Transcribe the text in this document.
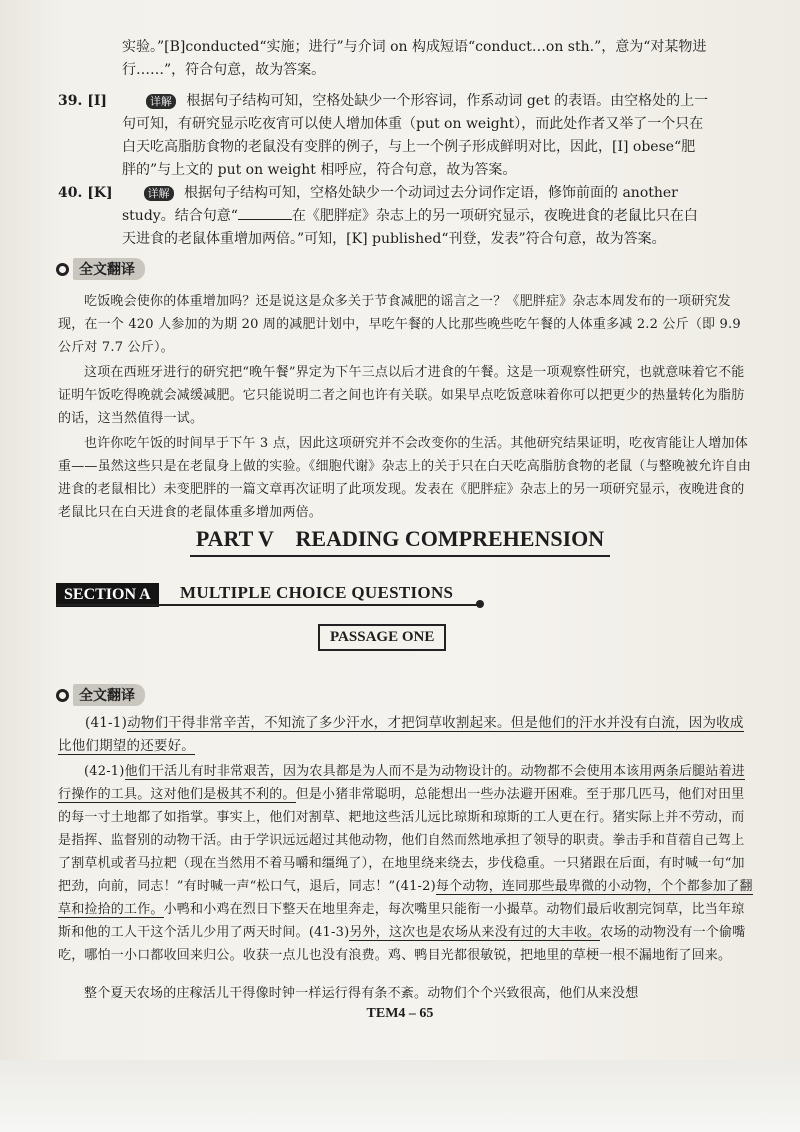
实验。”[B]conducted“实施；进行”与介词 on 构成短语“conduct…on sth.”，意为“对某物进
行……”，符合句意，故为答案。
39. [I]	详解 根据句子结构可知，空格处缺少一个形容词，作系动词 get 的表语。由空格处的上一
句可知，有研究显示吃夜宵可以使人增加体重（put on weight），而此处作者又举了一个只在
白天吃高脂肪食物的老鼠没有变胖的例子，与上一个例子形成鲜明对比，因此，[I] obese“肥
胖的”与上文的 put on weight 相呼应，符合句意，故为答案。
40. [K]	详解 根据句子结构可知，空格处缺少一个动词过去分词作定语，修饰前面的 another
study。结合句意“	在《肥胖症》杂志上的另一项研究显示，夜晚进食的老鼠比只在白
天进食的老鼠体重增加两倍。”可知，[K] published“刊登，发表”符合句意，故为答案。
全文翻译
吃饭晚会使你的体重增加吗？还是说这是众多关于节食减肥的谣言之一？《肥胖症》杂志本周发布的一项研究发现，在一个 420 人参加的为期 20 周的减肥计划中，早吃午餐的人比那些晚些吃午餐的人体重多减 2.2 公斤（即 9.9 公斤对 7.7 公斤）。
这项在西班牙进行的研究把“晚午餐”界定为下午三点以后才进食的午餐。这是一项观察性研究，也就意味着它不能证明午饭吃得晚就会减缓减肥。它只能说明二者之间也许有关联。如果早点吃饭意味着你可以把更少的热量转化为脂肪的话，这当然值得一试。
也许你吃午饭的时间早于下午 3 点，因此这项研究并不会改变你的生活。其他研究结果证明，吃夜宵能让人增加体重——虽然这些只是在老鼠身上做的实验。《细胞代谢》杂志上的关于只在白天吃高脂肪食物的老鼠（与整晚被允许自由进食的老鼠相比）未变肥胖的一篇文章再次证明了此项发现。发表在《肥胖症》杂志上的另一项研究显示，夜晚进食的老鼠比只在白天进食的老鼠体重多增加两倍。
PART V    READING COMPREHENSION
SECTION A	MULTIPLE CHOICE QUESTIONS
PASSAGE ONE
全文翻译
(41-1)动物们干得非常辛苦，不知流了多少汗水，才把饲草收割起来。但是他们的汗水并没有白流，因为收成比他们期望的还要好。
(42-1)他们干活儿有时非常艰苦，因为农具都是为人而不是为动物设计的。动物都不会使用本该用两条后腿站着进行操作的工具。这对他们是极其不利的。但是小猪非常聪明，总能想出一些办法避开困难。至于那几匹马，他们对田里的每一寸土地都了如指掌。事实上，他们对割草、耙地这些活儿远比琼斯和琼斯的工人更在行。猪实际上并不劳动，而是指挥、监督别的动物干活。由于学识远远超过其他动物，他们自然而然地承担了领导的职责。拳击手和苜蓿自己驾上了割草机或者马拉耙（现在当然用不着马嚼和缰绳了），在地里绕来绕去，步伐稳重。一只猪跟在后面，有时喊一句“加把劲，向前，同志！”有时喊一声“松口气，退后，同志！”(41-2)每个动物，连同那些最卑微的小动物，个个都参加了翻草和捡拾的工作。小鸭和小鸡在烈日下整天在地里奔走，每次嘴里只能衔一小撮草。动物们最后收割完饲草，比当年琼斯和他的工人干这个活儿少用了两天时间。(41-3)另外，这次也是农场从来没有过的大丰收。农场的动物没有一个偷嘴吃，哪怕一小口都收回来归公。收获一点儿也没有浪费。鸡、鸭目光都很敏锐，把地里的草梗一根不漏地衔了回来。
整个夏天农场的庄稼活儿干得像时钟一样运行得有条不紊。动物们个个兴致很高，他们从来没想
TEM4 – 65
